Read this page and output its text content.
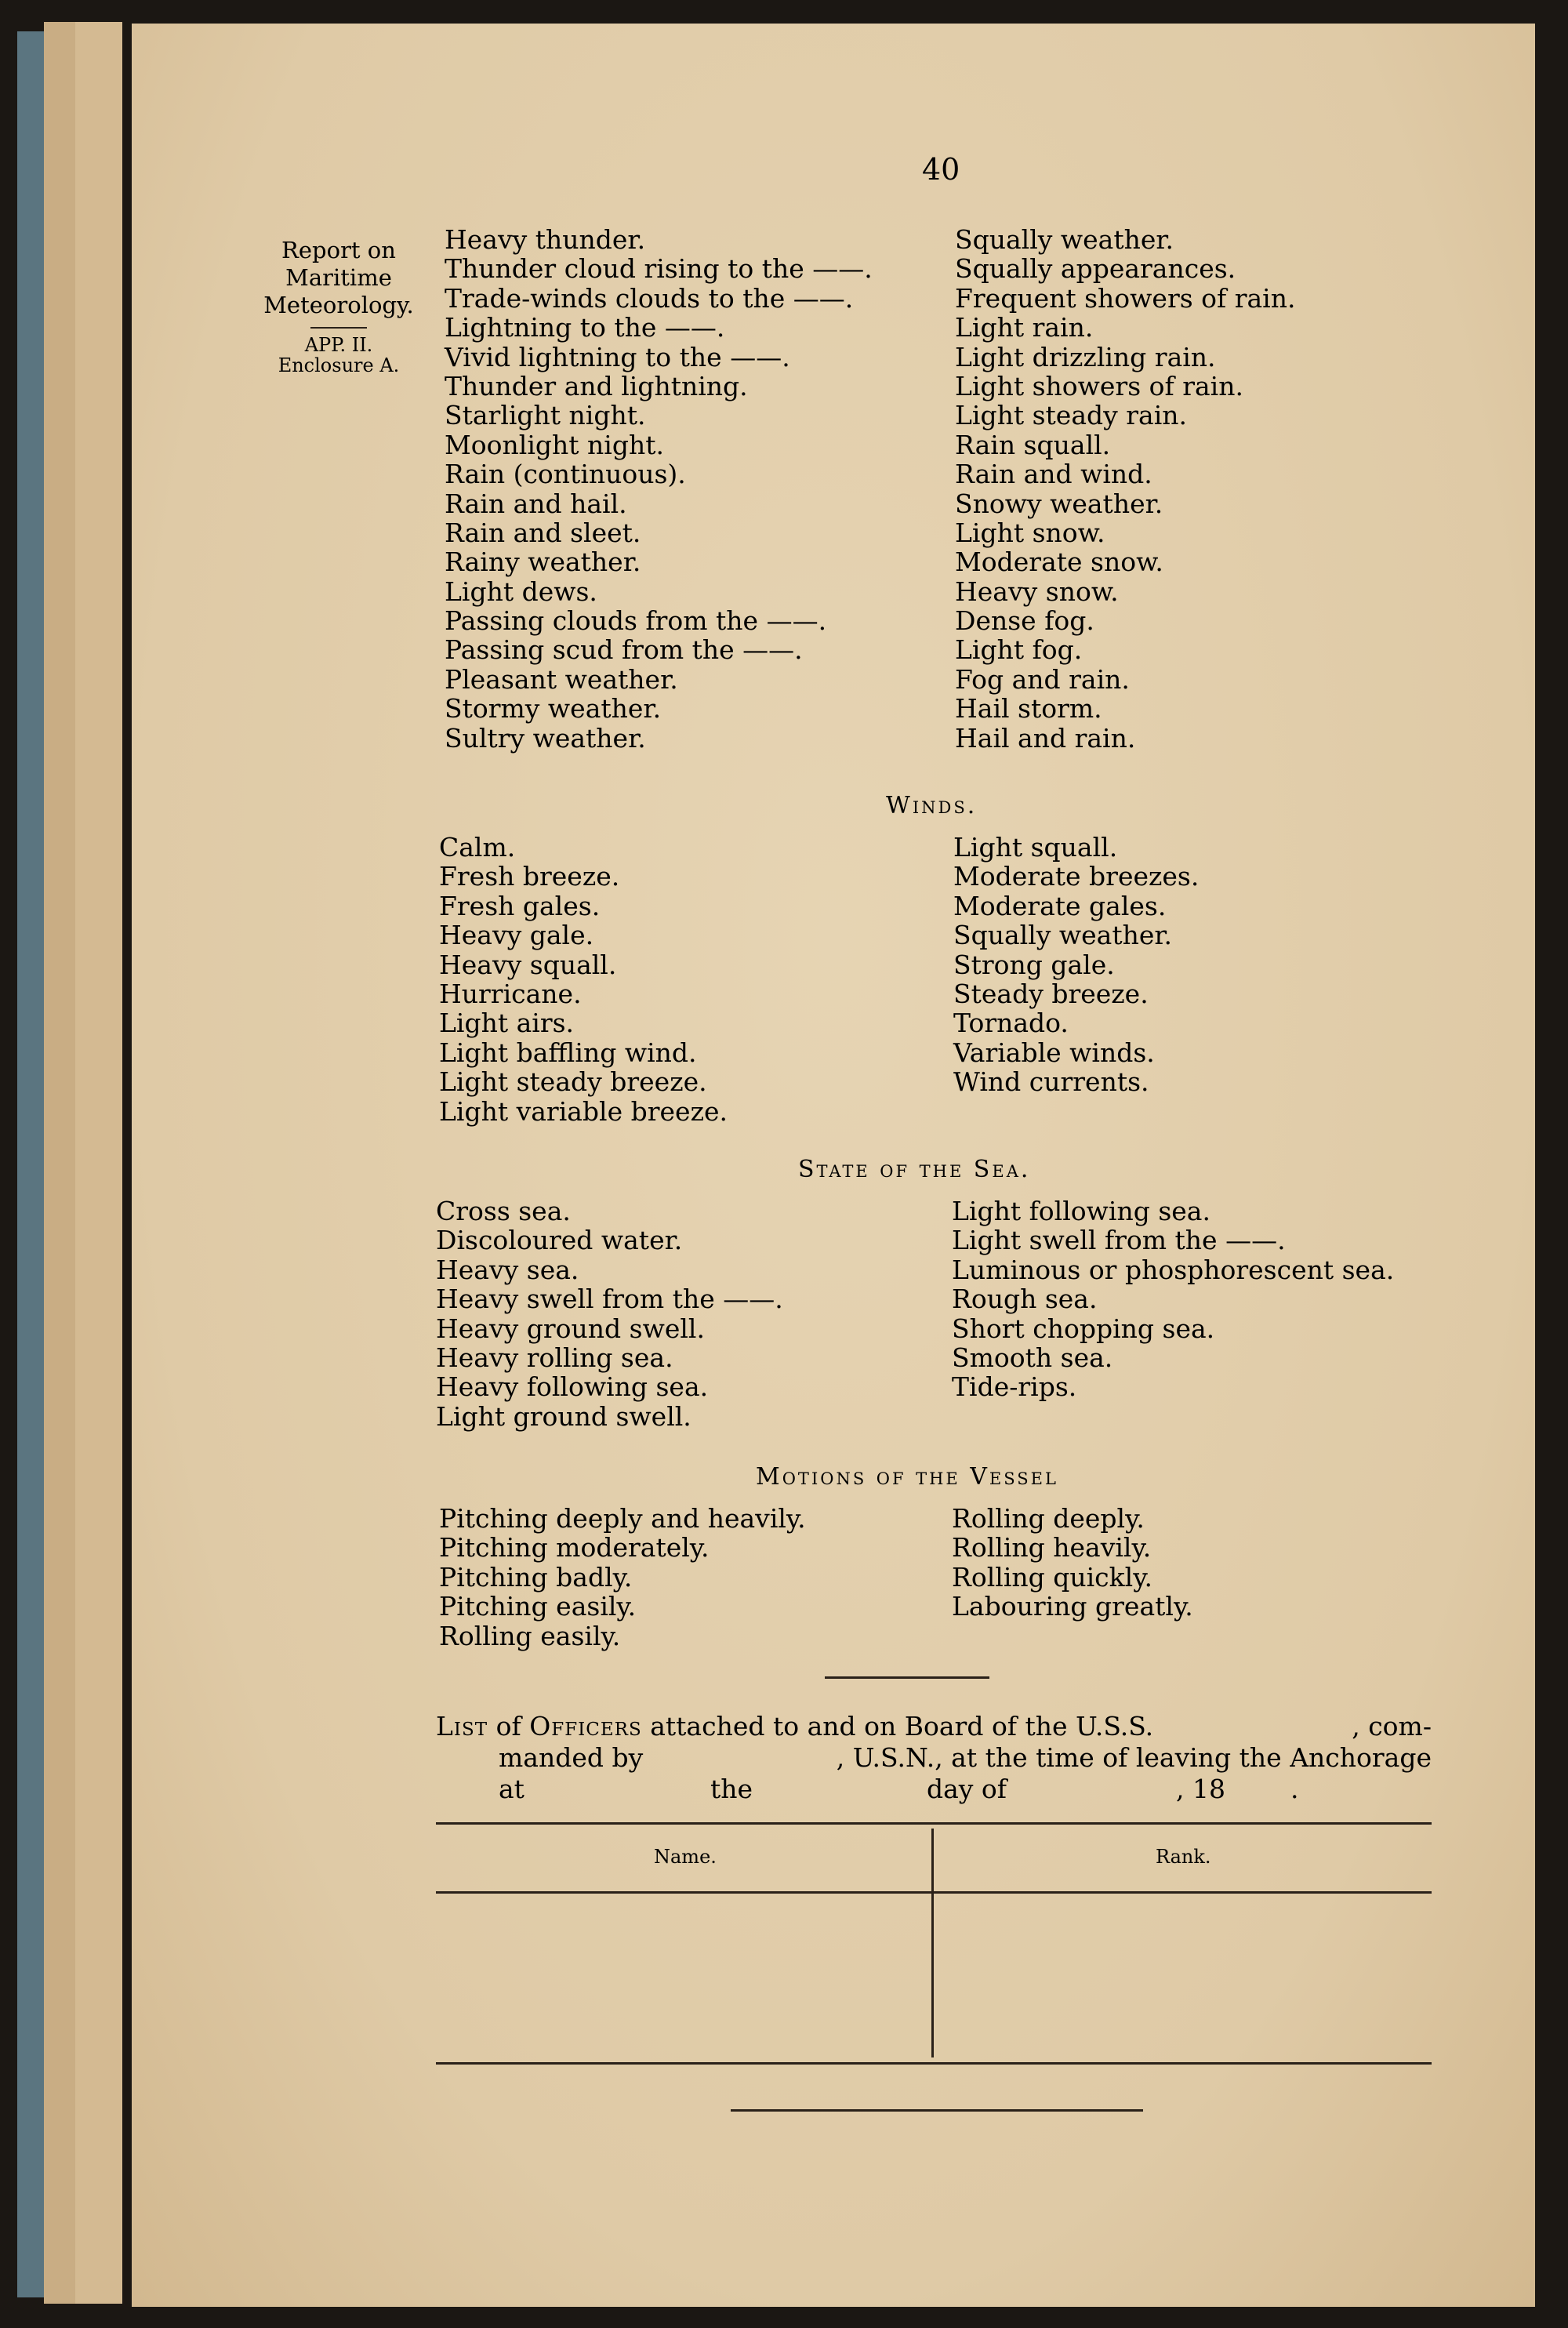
40
Report on
Maritime
Meteorology.
APP. II.
Enclosure A.
Heavy thunder.
Thunder cloud rising to the ——.
Trade-winds clouds to the ——.
Lightning to the ——.
Vivid lightning to the ——.
Thunder and lightning.
Starlight night.
Moonlight night.
Rain (continuous).
Rain and hail.
Rain and sleet.
Rainy weather.
Light dews.
Passing clouds from the ——.
Passing scud from the ——.
Pleasant weather.
Stormy weather.
Sultry weather.
Squally weather.
Squally appearances.
Frequent showers of rain.
Light rain.
Light drizzling rain.
Light showers of rain.
Light steady rain.
Rain squall.
Rain and wind.
Snowy weather.
Light snow.
Moderate snow.
Heavy snow.
Dense fog.
Light fog.
Fog and rain.
Hail storm.
Hail and rain.
Winds.
Calm.
Fresh breeze.
Fresh gales.
Heavy gale.
Heavy squall.
Hurricane.
Light airs.
Light baffling wind.
Light steady breeze.
Light variable breeze.
Light squall.
Moderate breezes.
Moderate gales.
Squally weather.
Strong gale.
Steady breeze.
Tornado.
Variable winds.
Wind currents.
State of the Sea.
Cross sea.
Discoloured water.
Heavy sea.
Heavy swell from the ——.
Heavy ground swell.
Heavy rolling sea.
Heavy following sea.
Light ground swell.
Light following sea.
Light swell from the ——.
Luminous or phosphorescent sea.
Rough sea.
Short chopping sea.
Smooth sea.
Tide-rips.
Motions of the Vessel
Pitching deeply and heavily.
Pitching moderately.
Pitching badly.
Pitching easily.
Rolling easily.
Rolling deeply.
Rolling heavily.
Rolling quickly.
Labouring greatly.
List of Officers attached to and on Board of the U.S.S.	, com-
manded by	, U.S.N., at the time of leaving the Anchorage
at	the	day of	, 18	.
Name.	Rank.
